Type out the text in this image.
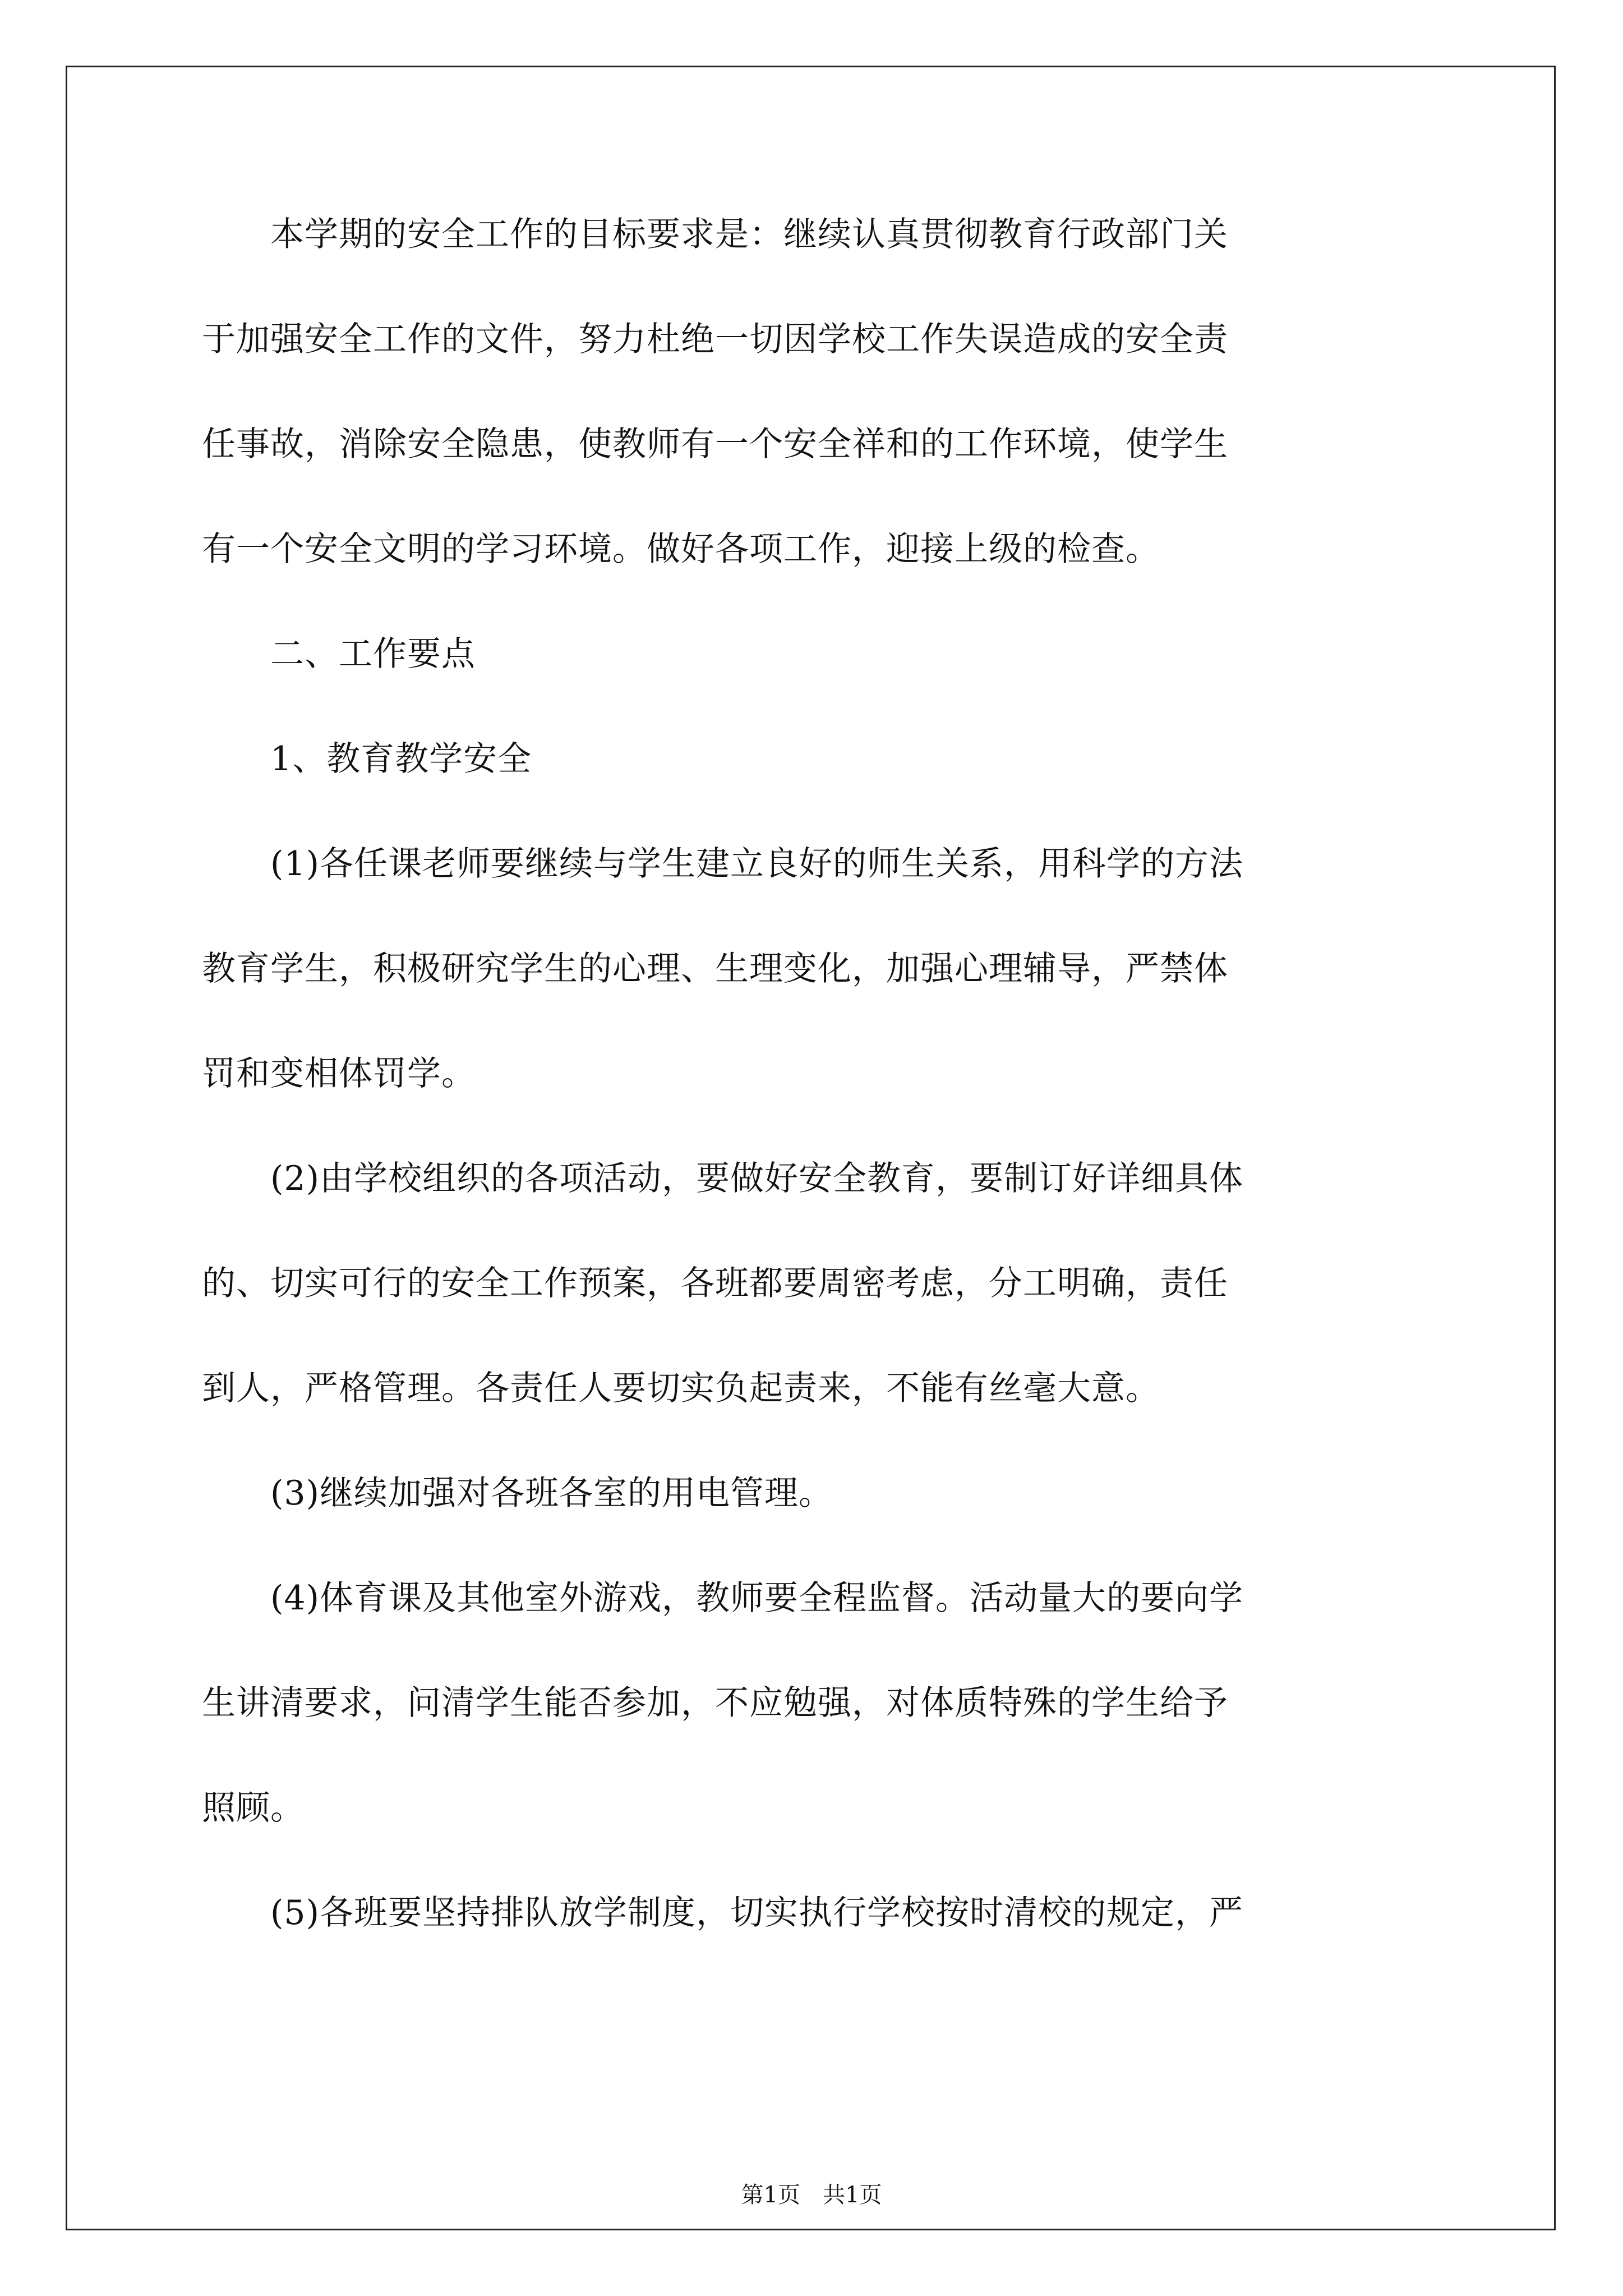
　　本学期的安全工作的目标要求是：继续认真贯彻教育行政部门关
于加强安全工作的文件，努力杜绝一切因学校工作失误造成的安全责
任事故，消除安全隐患，使教师有一个安全祥和的工作环境，使学生
有一个安全文明的学习环境。做好各项工作，迎接上级的检查。
　　二、工作要点
　　1、教育教学安全
　　(1)各任课老师要继续与学生建立良好的师生关系，用科学的方法
教育学生，积极研究学生的心理、生理变化，加强心理辅导，严禁体
罚和变相体罚学。
　　(2)由学校组织的各项活动，要做好安全教育，要制订好详细具体
的、切实可行的安全工作预案，各班都要周密考虑，分工明确，责任
到人，严格管理。各责任人要切实负起责来，不能有丝毫大意。
　　(3)继续加强对各班各室的用电管理。
　　(4)体育课及其他室外游戏，教师要全程监督。活动量大的要向学
生讲清要求，问清学生能否参加，不应勉强，对体质特殊的学生给予
照顾。
　　(5)各班要坚持排队放学制度，切实执行学校按时清校的规定，严
第1页　共1页
